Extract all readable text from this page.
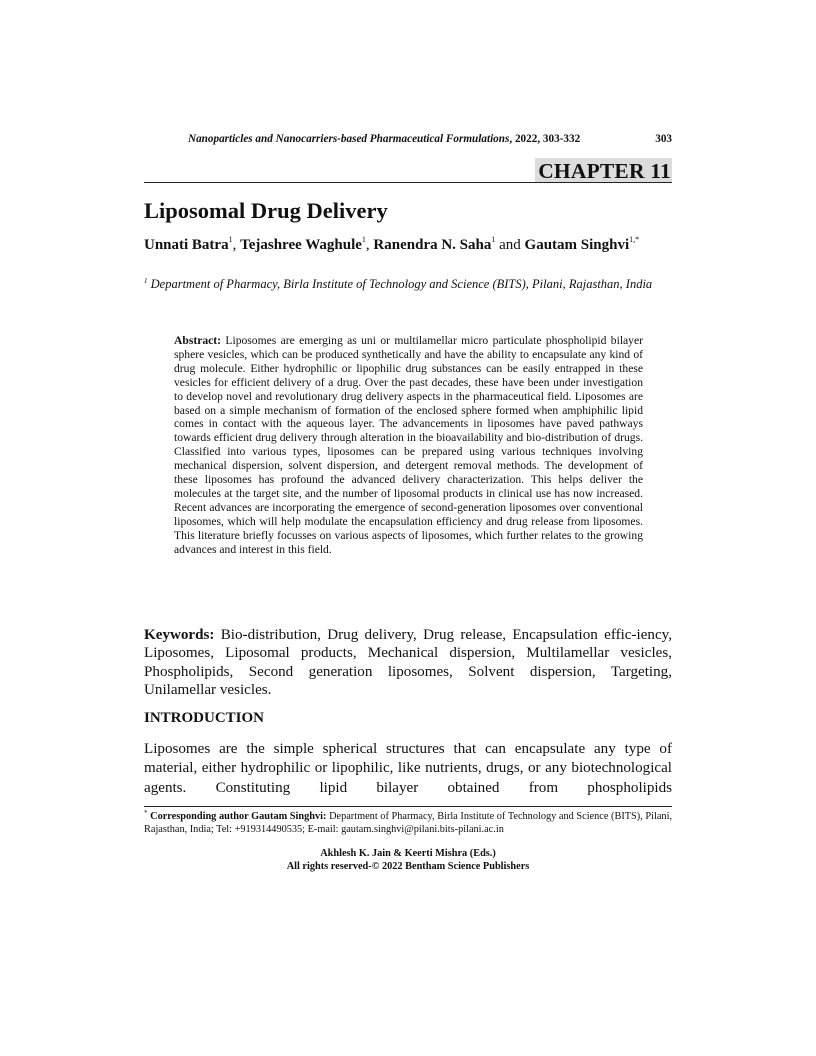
Nanoparticles and Nanocarriers-based Pharmaceutical Formulations, 2022, 303-332	303
CHAPTER 11
Liposomal Drug Delivery
Unnati Batra$^1$, Tejashree Waghule$^1$, Ranendra N. Saha$^1$ and Gautam Singhvi$^{1,*}$
$^1$ Department of Pharmacy, Birla Institute of Technology and Science (BITS), Pilani, Rajasthan, India
Abstract: Liposomes are emerging as uni or multilamellar micro particulate phospholipid bilayer sphere vesicles, which can be produced synthetically and have the ability to encapsulate any kind of drug molecule. Either hydrophilic or lipophilic drug substances can be easily entrapped in these vesicles for efficient delivery of a drug. Over the past decades, these have been under investigation to develop novel and revolutionary drug delivery aspects in the pharmaceutical field. Liposomes are based on a simple mechanism of formation of the enclosed sphere formed when amphiphilic lipid comes in contact with the aqueous layer. The advancements in liposomes have paved pathways towards efficient drug delivery through alteration in the bioavailability and bio-distribution of drugs. Classified into various types, liposomes can be prepared using various techniques involving mechanical dispersion, solvent dispersion, and detergent removal methods. The development of these liposomes has profound the advanced delivery characterization. This helps deliver the molecules at the target site, and the number of liposomal products in clinical use has now increased. Recent advances are incorporating the emergence of second-generation liposomes over conventional liposomes, which will help modulate the encapsulation efficiency and drug release from liposomes. This literature briefly focusses on various aspects of liposomes, which further relates to the growing advances and interest in this field.
Keywords: Bio-distribution, Drug delivery, Drug release, Encapsulation effic-iency, Liposomes, Liposomal products, Mechanical dispersion, Multilamellar vesicles, Phospholipids, Second generation liposomes, Solvent dispersion, Targeting, Unilamellar vesicles.
INTRODUCTION
Liposomes are the simple spherical structures that can encapsulate any type of material, either hydrophilic or lipophilic, like nutrients, drugs, or any biotechnological agents. Constituting lipid bilayer obtained from phospholipids
* Corresponding author Gautam Singhvi: Department of Pharmacy, Birla Institute of Technology and Science (BITS), Pilani, Rajasthan, India; Tel: +919314490535; E-mail: gautam.singhvi@pilani.bits-pilani.ac.in
Akhlesh K. Jain & Keerti Mishra (Eds.)
All rights reserved-© 2022 Bentham Science Publishers
